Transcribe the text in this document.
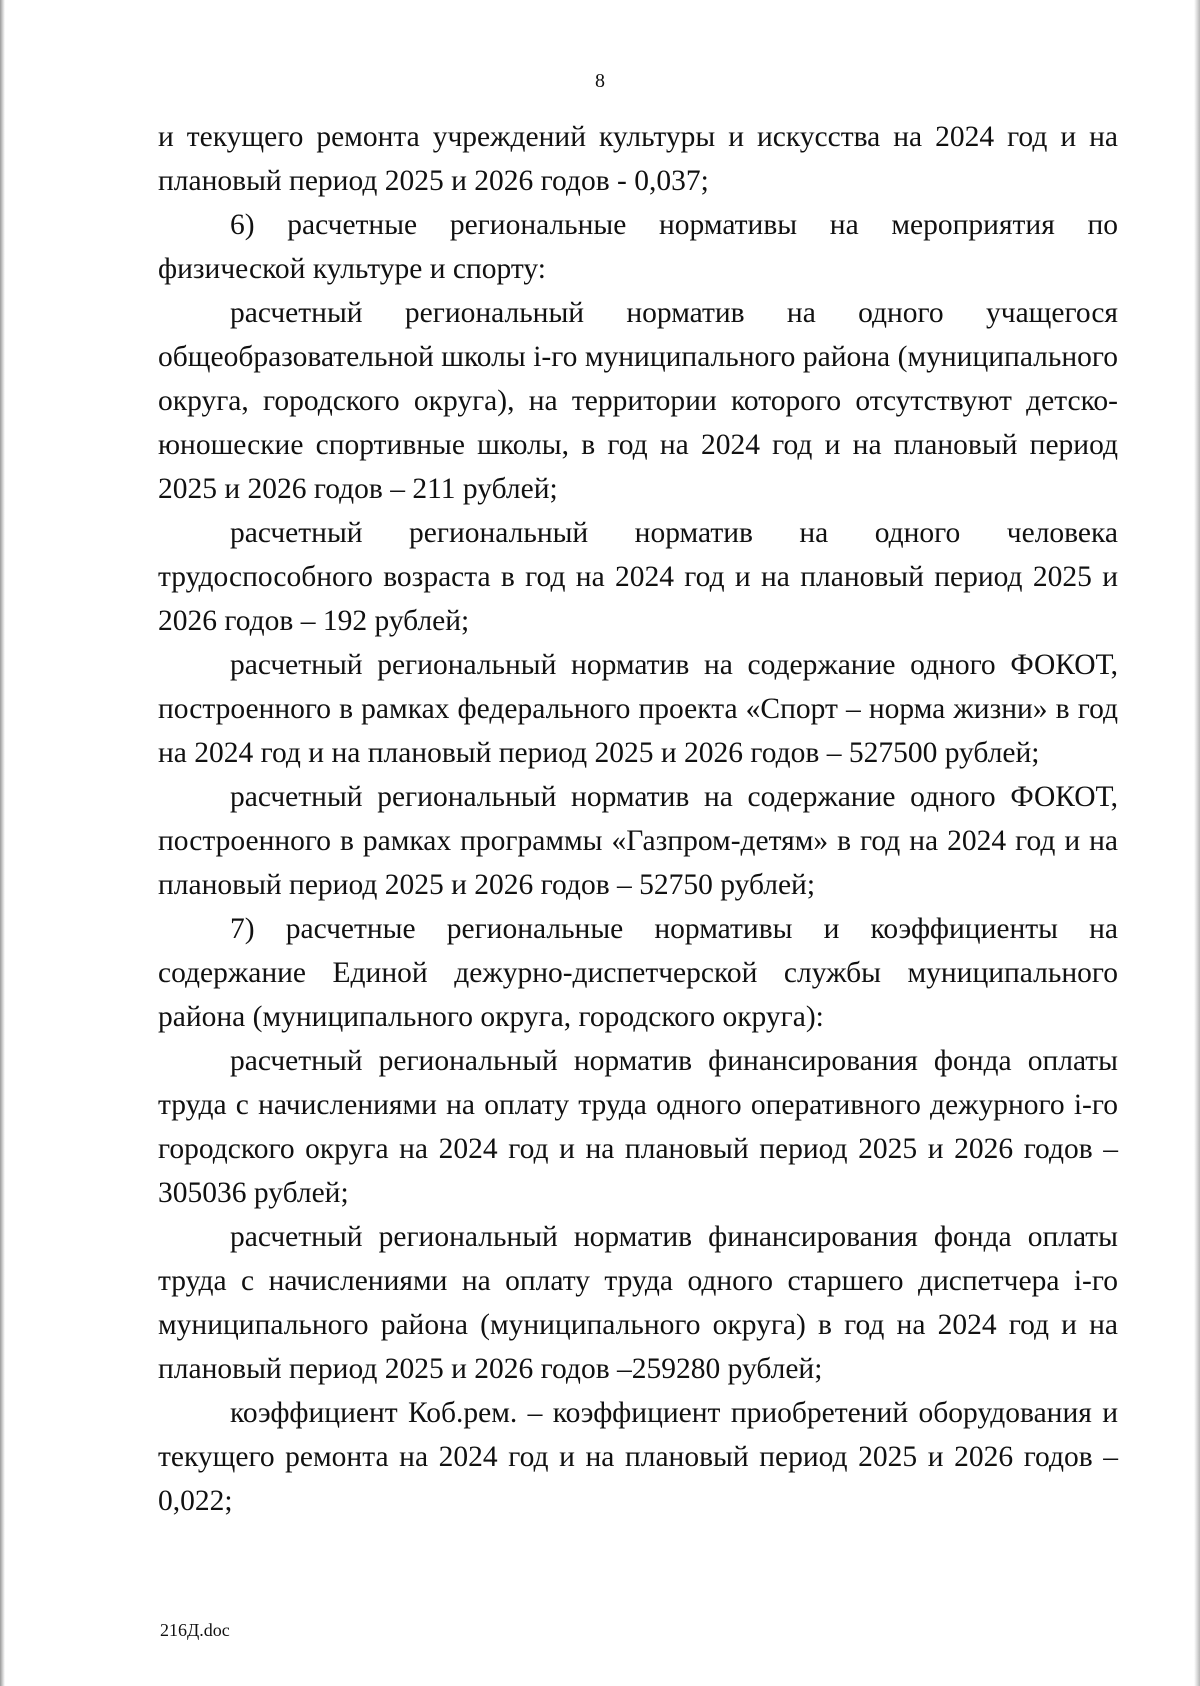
8

и текущего ремонта учреждений культуры и искусства на 2024 год и на плановый период 2025 и 2026 годов - 0,037;

6) расчетные региональные нормативы на мероприятия по физической культуре и спорту:

расчетный региональный норматив на одного учащегося общеобразовательной школы i-го муниципального района (муниципального округа, городского округа), на территории которого отсутствуют детско-юношеские спортивные школы, в год на 2024 год и на плановый период 2025 и 2026 годов – 211 рублей;

расчетный региональный норматив на одного человека трудоспособного возраста в год на 2024 год и на плановый период 2025 и 2026 годов – 192 рублей;

расчетный региональный норматив на содержание одного ФОКОТ, построенного в рамках федерального проекта «Спорт – норма жизни» в год на 2024 год и на плановый период 2025 и 2026 годов – 527500 рублей;

расчетный региональный норматив на содержание одного ФОКОТ, построенного в рамках программы «Газпром-детям» в год на 2024 год и на плановый период 2025 и 2026 годов – 52750 рублей;

7) расчетные региональные нормативы и коэффициенты на содержание Единой дежурно-диспетчерской службы муниципального района (муниципального округа, городского округа):

расчетный региональный норматив финансирования фонда оплаты труда с начислениями на оплату труда одного оперативного дежурного i-го городского округа на 2024 год и на плановый период 2025 и 2026 годов – 305036 рублей;

расчетный региональный норматив финансирования фонда оплаты труда с начислениями на оплату труда одного старшего диспетчера i-го муниципального района (муниципального округа) в год на 2024 год и на плановый период 2025 и 2026 годов –259280 рублей;

коэффициент Коб.рем. – коэффициент приобретений оборудования и текущего ремонта на 2024 год и на плановый период 2025 и 2026 годов – 0,022;

216Д.doc
